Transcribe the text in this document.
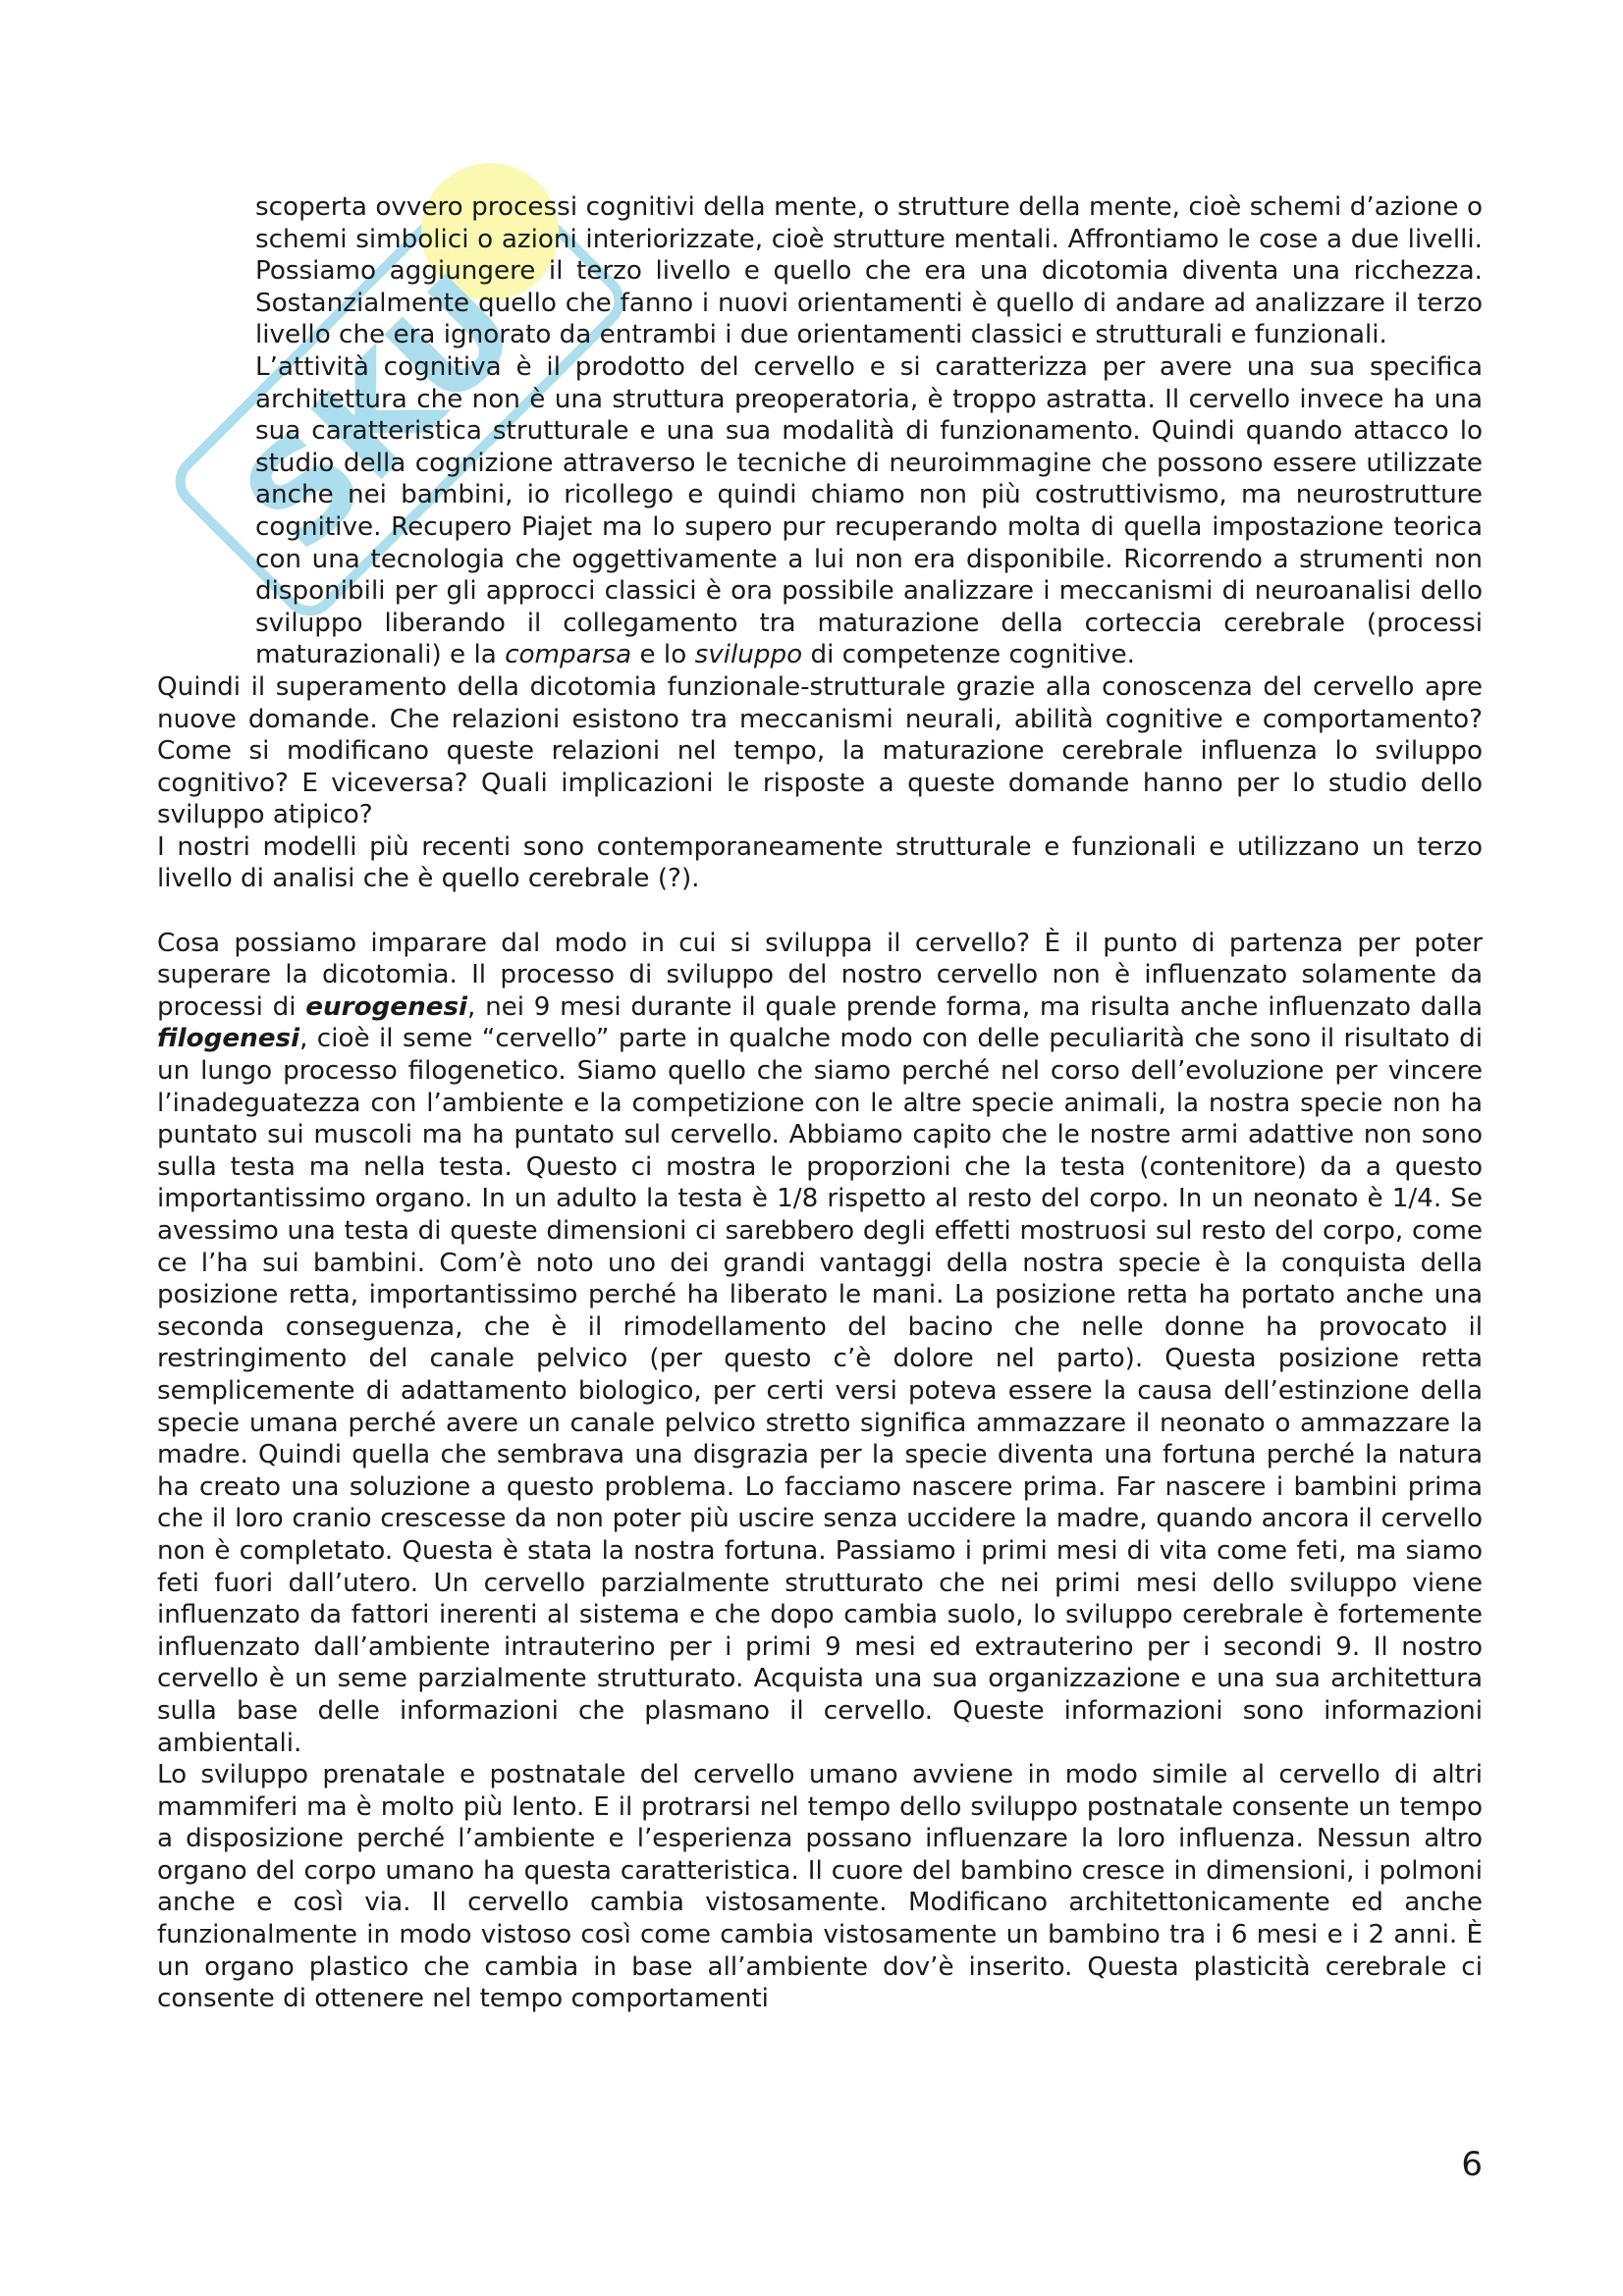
SKU

scoperta ovvero processi cognitivi della mente, o strutture della mente, cioè schemi d’azione o schemi simbolici o azioni interiorizzate, cioè strutture mentali. Affrontiamo le cose a due livelli. Possiamo aggiungere il terzo livello e quello che era una dicotomia diventa una ricchezza. Sostanzialmente quello che fanno i nuovi orientamenti è quello di andare ad analizzare il terzo livello che era ignorato da entrambi i due orientamenti classici e strutturali e funzionali.

L’attività cognitiva è il prodotto del cervello e si caratterizza per avere una sua specifica architettura che non è una struttura preoperatoria, è troppo astratta. Il cervello invece ha una sua caratteristica strutturale e una sua modalità di funzionamento. Quindi quando attacco lo studio della cognizione attraverso le tecniche di neuroimmagine che possono essere utilizzate anche nei bambini, io ricollego e quindi chiamo non più costruttivismo, ma neurostrutture cognitive. Recupero Piajet ma lo supero pur recuperando molta di quella impostazione teorica con una tecnologia che oggettivamente a lui non era disponibile. Ricorrendo a strumenti non disponibili per gli approcci classici è ora possibile analizzare i meccanismi di neuroanalisi dello sviluppo liberando il collegamento tra maturazione della corteccia cerebrale (processi maturazionali) e la comparsa e lo sviluppo di competenze cognitive.

Quindi il superamento della dicotomia funzionale-strutturale grazie alla conoscenza del cervello apre nuove domande. Che relazioni esistono tra meccanismi neurali, abilità cognitive e comportamento? Come si modificano queste relazioni nel tempo, la maturazione cerebrale influenza lo sviluppo cognitivo? E viceversa? Quali implicazioni le risposte a queste domande hanno per lo studio dello sviluppo atipico?

I nostri modelli più recenti sono contemporaneamente strutturale e funzionali e utilizzano un terzo livello di analisi che è quello cerebrale (?).

Cosa possiamo imparare dal modo in cui si sviluppa il cervello? È il punto di partenza per poter superare la dicotomia. Il processo di sviluppo del nostro cervello non è influenzato solamente da processi di eurogenesi, nei 9 mesi durante il quale prende forma, ma risulta anche influenzato dalla filogenesi, cioè il seme “cervello” parte in qualche modo con delle peculiarità che sono il risultato di un lungo processo filogenetico. Siamo quello che siamo perché nel corso dell’evoluzione per vincere l’inadeguatezza con l’ambiente e la competizione con le altre specie animali, la nostra specie non ha puntato sui muscoli ma ha puntato sul cervello. Abbiamo capito che le nostre armi adattive non sono sulla testa ma nella testa. Questo ci mostra le proporzioni che la testa (contenitore) da a questo importantissimo organo. In un adulto la testa è 1/8 rispetto al resto del corpo. In un neonato è 1/4. Se avessimo una testa di queste dimensioni ci sarebbero degli effetti mostruosi sul resto del corpo, come ce l’ha sui bambini. Com’è noto uno dei grandi vantaggi della nostra specie è la conquista della posizione retta, importantissimo perché ha liberato le mani. La posizione retta ha portato anche una seconda conseguenza, che è il rimodellamento del bacino che nelle donne ha provocato il restringimento del canale pelvico (per questo c’è dolore nel parto). Questa posizione retta semplicemente di adattamento biologico, per certi versi poteva essere la causa dell’estinzione della specie umana perché avere un canale pelvico stretto significa ammazzare il neonato o ammazzare la madre. Quindi quella che sembrava una disgrazia per la specie diventa una fortuna perché la natura ha creato una soluzione a questo problema. Lo facciamo nascere prima. Far nascere i bambini prima che il loro cranio crescesse da non poter più uscire senza uccidere la madre, quando ancora il cervello non è completato. Questa è stata la nostra fortuna. Passiamo i primi mesi di vita come feti, ma siamo feti fuori dall’utero. Un cervello parzialmente strutturato che nei primi mesi dello sviluppo viene influenzato da fattori inerenti al sistema e che dopo cambia suolo, lo sviluppo cerebrale è fortemente influenzato dall’ambiente intrauterino per i primi 9 mesi ed extrauterino per i secondi 9. Il nostro cervello è un seme parzialmente strutturato. Acquista una sua organizzazione e una sua architettura sulla base delle informazioni che plasmano il cervello. Queste informazioni sono informazioni ambientali.

Lo sviluppo prenatale e postnatale del cervello umano avviene in modo simile al cervello di altri mammiferi ma è molto più lento. E il protrarsi nel tempo dello sviluppo postnatale consente un tempo a disposizione perché l’ambiente e l’esperienza possano influenzare la loro influenza. Nessun altro organo del corpo umano ha questa caratteristica. Il cuore del bambino cresce in dimensioni, i polmoni anche e così via. Il cervello cambia vistosamente. Modificano architettonicamente ed anche funzionalmente in modo vistoso così come cambia vistosamente un bambino tra i 6 mesi e i 2 anni. È un organo plastico che cambia in base all’ambiente dov’è inserito. Questa plasticità cerebrale ci consente di ottenere nel tempo comportamenti

6
